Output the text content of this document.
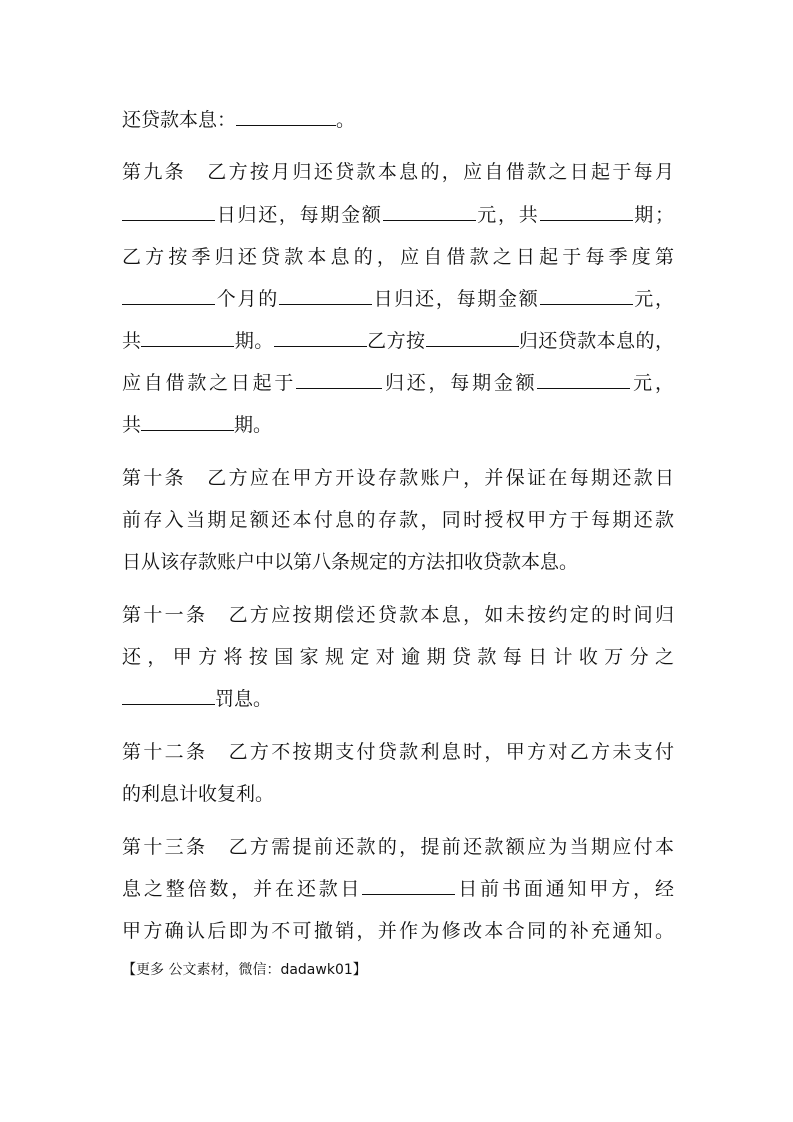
还贷款本息：	。
第九条　乙方按月归还贷款本息的，应自借款之日起于每月
日归还，每期金额	元，共	期；
乙方按季归还贷款本息的，应自借款之日起于每季度第
个月的	日归还，每期金额	元，
共	期。	乙方按	归还贷款本息的，
应自借款之日起于	归还，每期金额	元，
共	期。
第十条　乙方应在甲方开设存款账户，并保证在每期还款日
前存入当期足额还本付息的存款，同时授权甲方于每期还款
日从该存款账户中以第八条规定的方法扣收贷款本息。
第十一条　乙方应按期偿还贷款本息，如未按约定的时间归
还，甲方将按国家规定对逾期贷款每日计收万分之
罚息。
第十二条　乙方不按期支付贷款利息时，甲方对乙方未支付
的利息计收复利。
第十三条　乙方需提前还款的，提前还款额应为当期应付本
息之整倍数，并在还款日	日前书面通知甲方，经
甲方确认后即为不可撤销，并作为修改本合同的补充通知。
【更多 公文素材，微信：dadawk01】
